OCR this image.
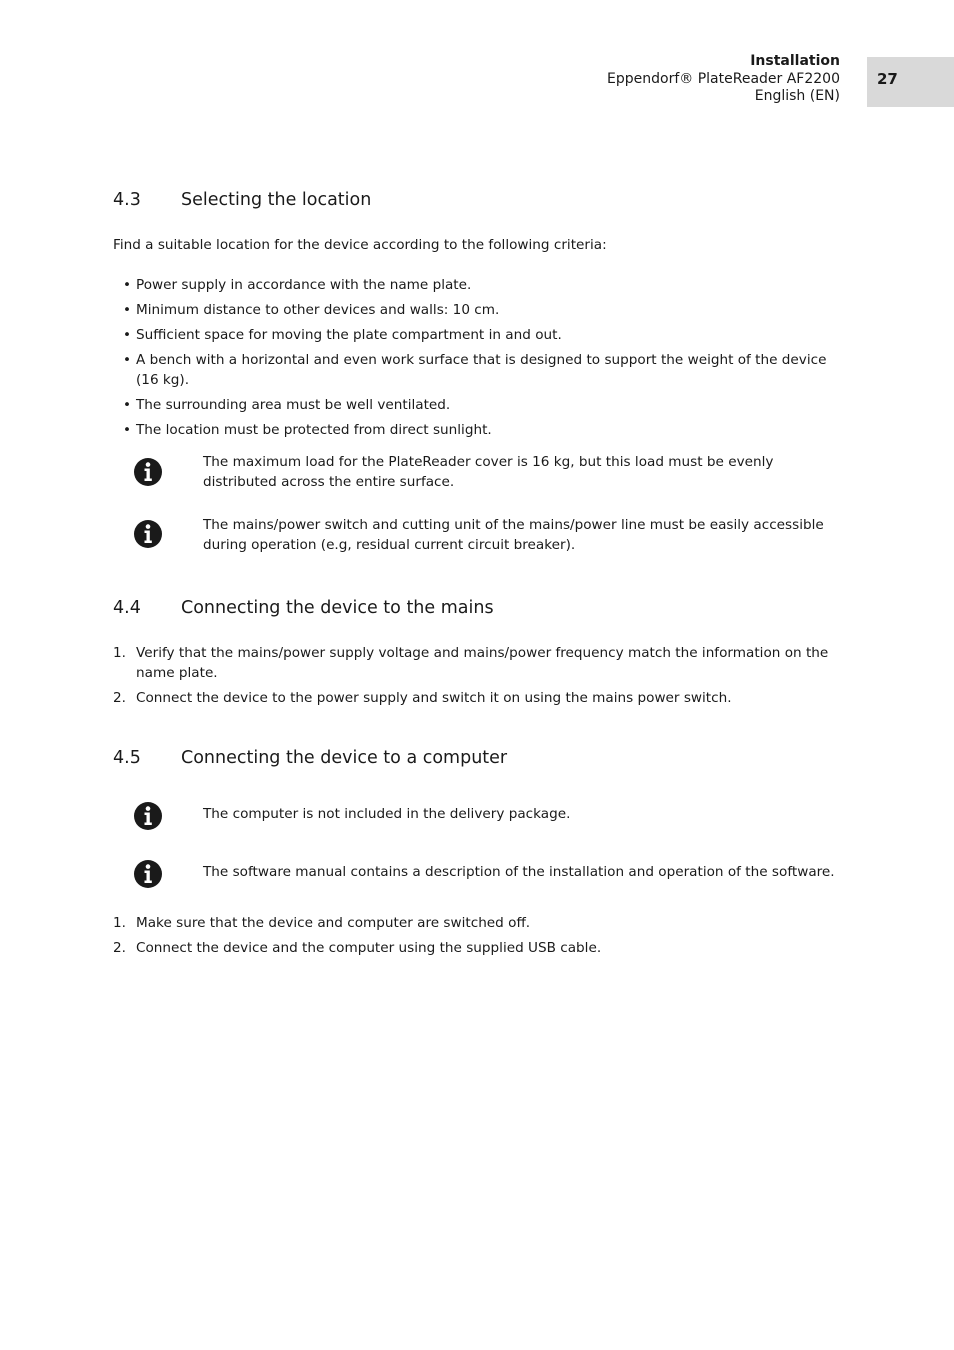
Installation
Eppendorf® PlateReader AF2200
English (EN)
27
4.3 Selecting the location
Find a suitable location for the device according to the following criteria:
• Power supply in accordance with the name plate.
• Minimum distance to other devices and walls: 10 cm.
• Sufficient space for moving the plate compartment in and out.
• A bench with a horizontal and even work surface that is designed to support the weight of the device (16 kg).
• The surrounding area must be well ventilated.
• The location must be protected from direct sunlight.
The maximum load for the PlateReader cover is 16 kg, but this load must be evenly distributed across the entire surface.
The mains/power switch and cutting unit of the mains/power line must be easily accessible during operation (e.g, residual current circuit breaker).
4.4 Connecting the device to the mains
1. Verify that the mains/power supply voltage and mains/power frequency match the information on the name plate.
2. Connect the device to the power supply and switch it on using the mains power switch.
4.5 Connecting the device to a computer
The computer is not included in the delivery package.
The software manual contains a description of the installation and operation of the software.
1. Make sure that the device and computer are switched off.
2. Connect the device and the computer using the supplied USB cable.
